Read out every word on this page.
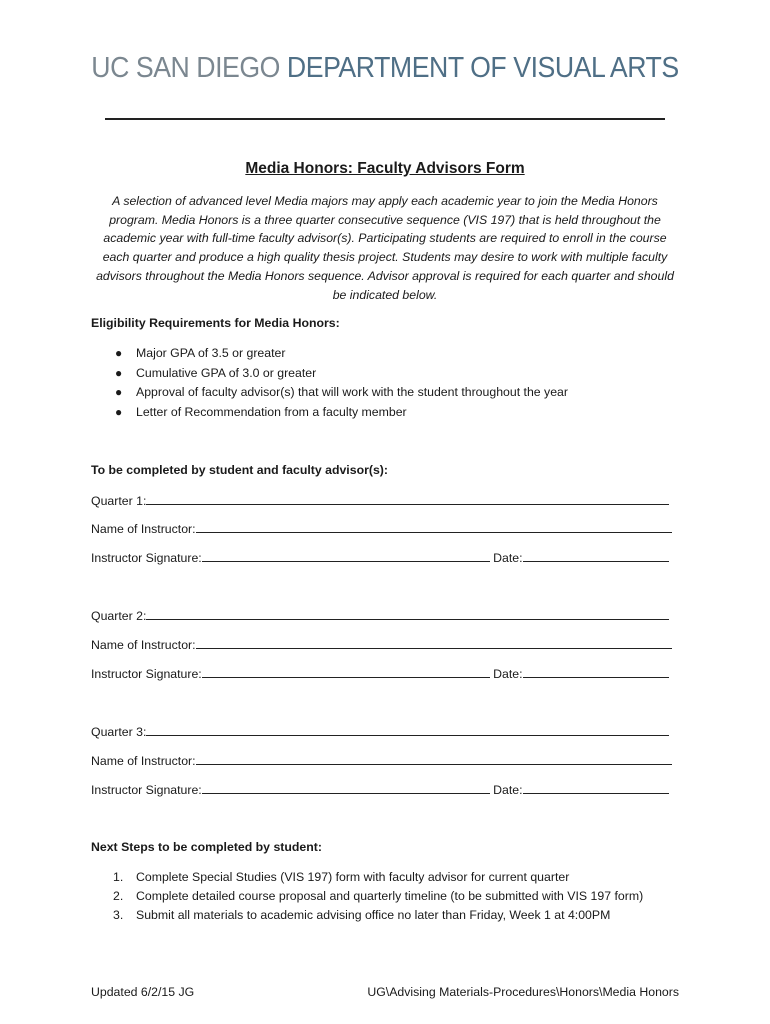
UC SAN DIEGO DEPARTMENT OF VISUAL ARTS
Media Honors: Faculty Advisors Form
A selection of advanced level Media majors may apply each academic year to join the Media Honors program. Media Honors is a three quarter consecutive sequence (VIS 197) that is held throughout the academic year with full-time faculty advisor(s). Participating students are required to enroll in the course each quarter and produce a high quality thesis project. Students may desire to work with multiple faculty advisors throughout the Media Honors sequence. Advisor approval is required for each quarter and should be indicated below.
Eligibility Requirements for Media Honors:
● Major GPA of 3.5 or greater
● Cumulative GPA of 3.0 or greater
● Approval of faculty advisor(s) that will work with the student throughout the year
● Letter of Recommendation from a faculty member
To be completed by student and faculty advisor(s):
Quarter 1:
Name of Instructor:
Instructor Signature:	Date:
Quarter 2:
Name of Instructor:
Instructor Signature:	Date:
Quarter 3:
Name of Instructor:
Instructor Signature:	Date:
Next Steps to be completed by student:
1. Complete Special Studies (VIS 197) form with faculty advisor for current quarter
2. Complete detailed course proposal and quarterly timeline (to be submitted with VIS 197 form)
3. Submit all materials to academic advising office no later than Friday, Week 1 at 4:00PM
Updated 6/2/15 JG	UG\Advising Materials-Procedures\Honors\Media Honors
